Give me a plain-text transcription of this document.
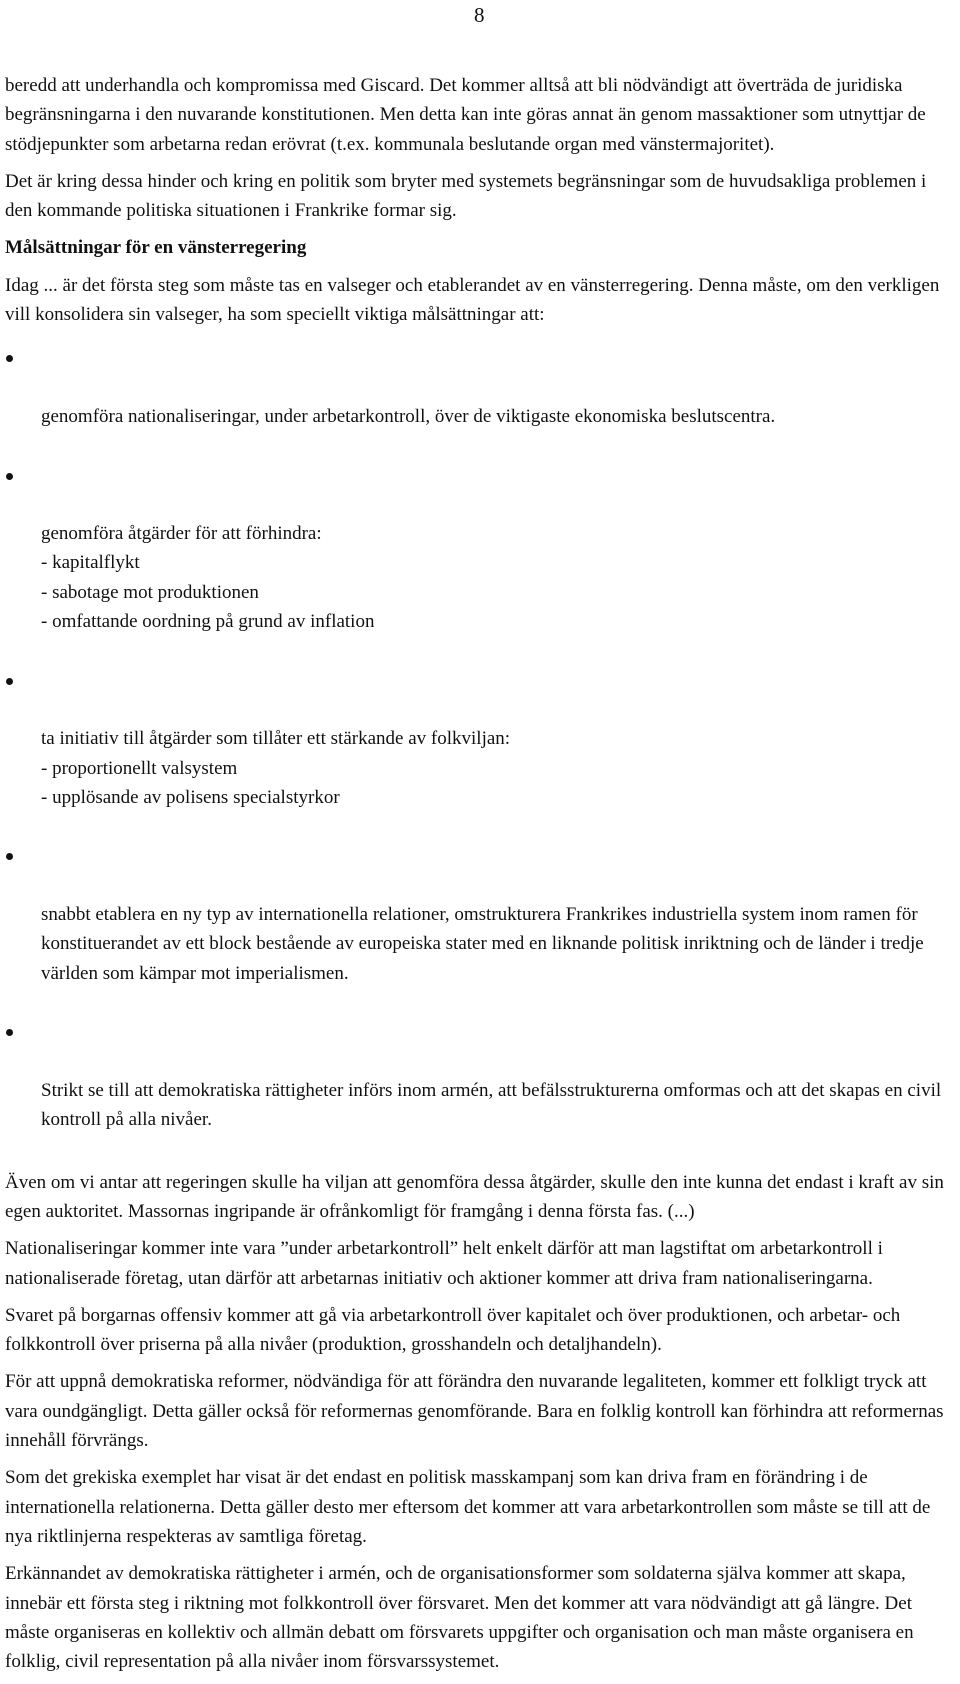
8

beredd att underhandla och kompromissa med Giscard. Det kommer alltså att bli nödvändigt att överträda de juridiska begränsningarna i den nuvarande konstitutionen. Men detta kan inte göras annat än genom massaktioner som utnyttjar de stödjepunkter som arbetarna redan erövrat (t.ex. kommunala beslutande organ med vänstermajoritet).

Det är kring dessa hinder och kring en politik som bryter med systemets begränsningar som de huvudsakliga problemen i den kommande politiska situationen i Frankrike formar sig.

Målsättningar för en vänsterregering

Idag ... är det första steg som måste tas en valseger och etablerandet av en vänsterregering. Denna måste, om den verkligen vill konsolidera sin valseger, ha som speciellt viktiga målsättningar att:

genomföra nationaliseringar, under arbetarkontroll, över de viktigaste ekonomiska beslutscentra.

genomföra åtgärder för att förhindra:
- kapitalflykt
- sabotage mot produktionen
- omfattande oordning på grund av inflation

ta initiativ till åtgärder som tillåter ett stärkande av folkviljan:
- proportionellt valsystem
- upplösande av polisens specialstyrkor

snabbt etablera en ny typ av internationella relationer, omstrukturera Frankrikes industriella system inom ramen för konstituerandet av ett block bestående av europeiska stater med en liknande politisk inriktning och de länder i tredje världen som kämpar mot imperialismen.

Strikt se till att demokratiska rättigheter införs inom armén, att befälsstrukturerna omformas och att det skapas en civil kontroll på alla nivåer.

Även om vi antar att regeringen skulle ha viljan att genomföra dessa åtgärder, skulle den inte kunna det endast i kraft av sin egen auktoritet. Massornas ingripande är ofrånkomligt för framgång i denna första fas. (...)

Nationaliseringar kommer inte vara ”under arbetarkontroll” helt enkelt därför att man lagstiftat om arbetarkontroll i nationaliserade företag, utan därför att arbetarnas initiativ och aktioner kommer att driva fram nationaliseringarna.

Svaret på borgarnas offensiv kommer att gå via arbetarkontroll över kapitalet och över produktionen, och arbetar- och folkkontroll över priserna på alla nivåer (produktion, grosshandeln och detaljhandeln).

För att uppnå demokratiska reformer, nödvändiga för att förändra den nuvarande legaliteten, kommer ett folkligt tryck att vara oundgängligt. Detta gäller också för reformernas genomförande. Bara en folklig kontroll kan förhindra att reformernas innehåll förvrängs.

Som det grekiska exemplet har visat är det endast en politisk masskampanj som kan driva fram en förändring i de internationella relationerna. Detta gäller desto mer eftersom det kommer att vara arbetarkontrollen som måste se till att de nya riktlinjerna respekteras av samtliga företag.

Erkännandet av demokratiska rättigheter i armén, och de organisationsformer som soldaterna själva kommer att skapa, innebär ett första steg i riktning mot folkkontroll över försvaret. Men det kommer att vara nödvändigt att gå längre. Det måste organiseras en kollektiv och allmän debatt om försvarets uppgifter och organisation och man måste organisera en folklig, civil representation på alla nivåer inom försvarssystemet.
